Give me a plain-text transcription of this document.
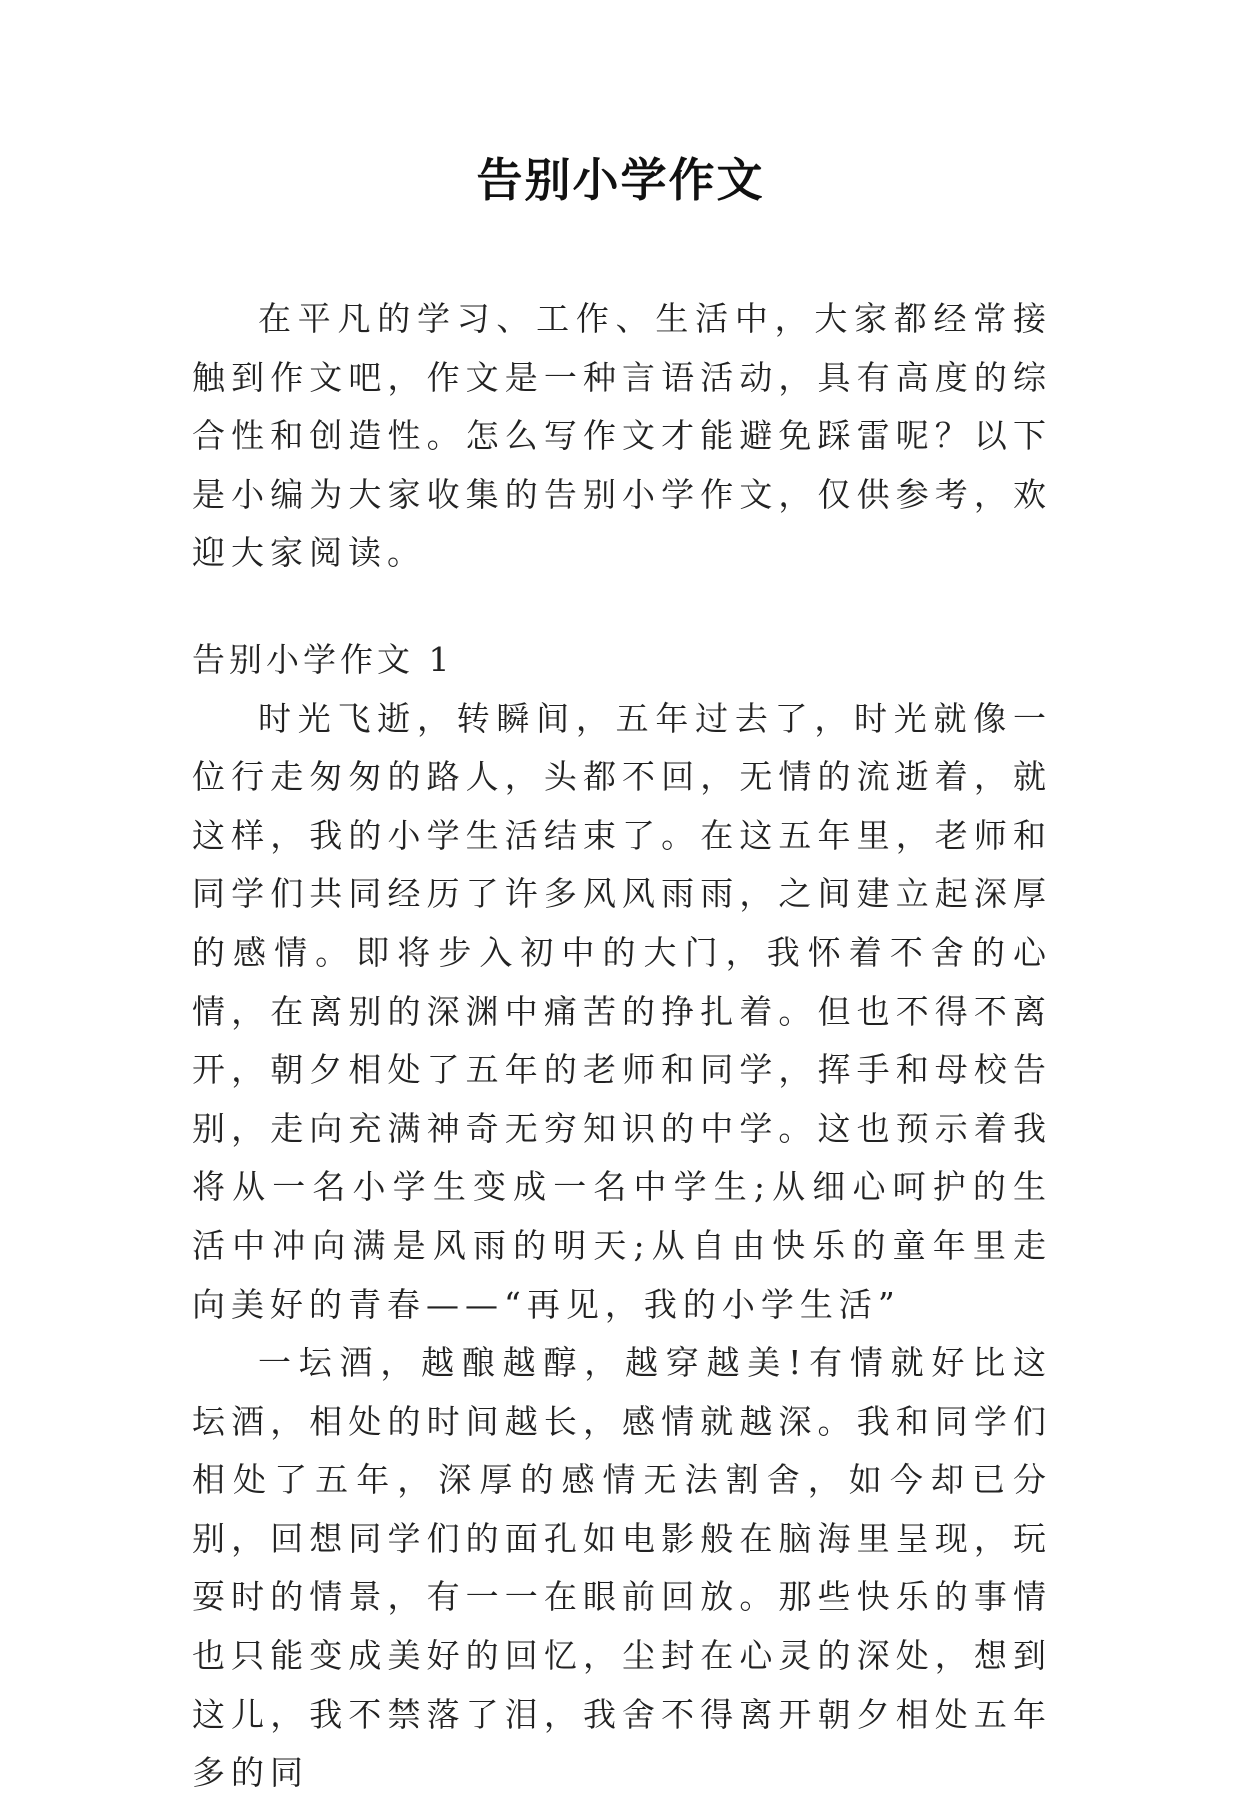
告别小学作文

在平凡的学习、工作、生活中，大家都经常接触到作文吧，作文是一种言语活动，具有高度的综合性和创造性。怎么写作文才能避免踩雷呢？以下是小编为大家收集的告别小学作文，仅供参考，欢迎大家阅读。

告别小学作文 1

时光飞逝，转瞬间，五年过去了，时光就像一位行走匆匆的路人，头都不回，无情的流逝着，就这样，我的小学生活结束了。在这五年里，老师和同学们共同经历了许多风风雨雨，之间建立起深厚的感情。即将步入初中的大门，我怀着不舍的心情，在离别的深渊中痛苦的挣扎着。但也不得不离开，朝夕相处了五年的老师和同学，挥手和母校告别，走向充满神奇无穷知识的中学。这也预示着我将从一名小学生变成一名中学生;从细心呵护的生活中冲向满是风雨的明天;从自由快乐的童年里走向美好的青春——“再见，我的小学生活”

一坛酒，越酿越醇，越穿越美!有情就好比这坛酒，相处的时间越长，感情就越深。我和同学们相处了五年，深厚的感情无法割舍，如今却已分别，回想同学们的面孔如电影般在脑海里呈现，玩耍时的情景，有一一在眼前回放。那些快乐的事情也只能变成美好的回忆，尘封在心灵的深处，想到这儿，我不禁落了泪，我舍不得离开朝夕相处五年多的同
